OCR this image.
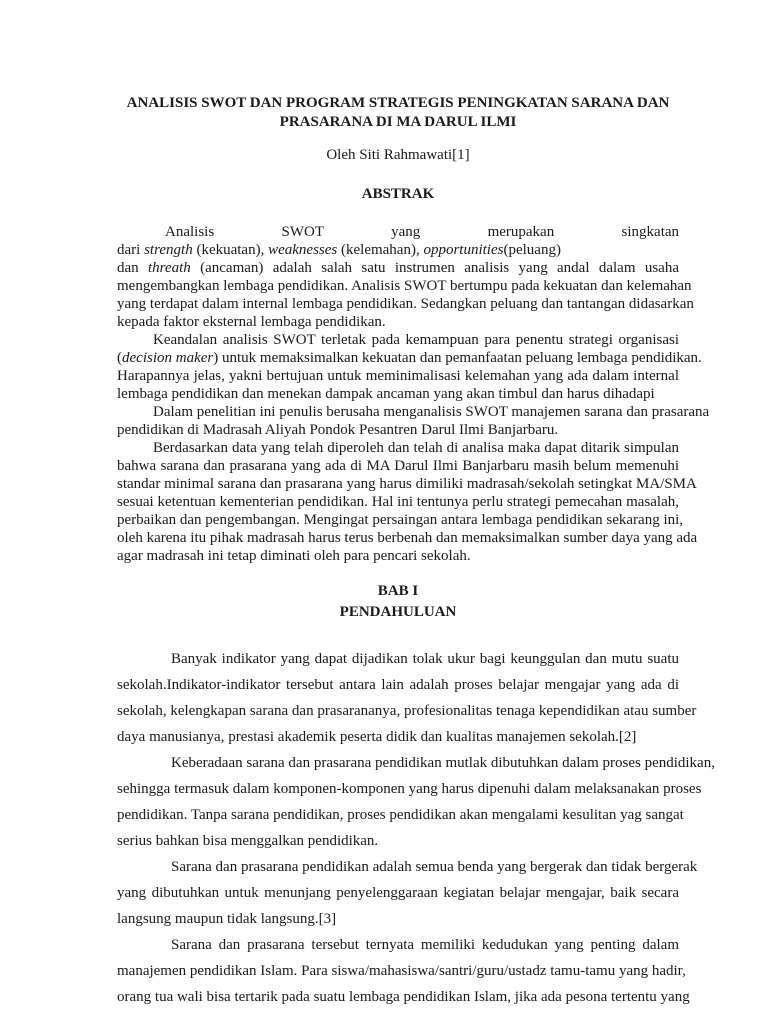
ANALISIS SWOT DAN PROGRAM STRATEGIS PENINGKATAN SARANA DAN
PRASARANA DI MA DARUL ILMI
Oleh Siti Rahmawati[1]
ABSTRAK
Analisis	SWOT	yang	merupakan	singkatan
dari strength (kekuatan), weaknesses (kelemahan), opportunities(peluang)
dan threath (ancaman) adalah salah satu instrumen analisis yang andal dalam usaha
mengembangkan lembaga pendidikan. Analisis SWOT bertumpu pada kekuatan dan kelemahan
yang terdapat dalam internal lembaga pendidikan. Sedangkan peluang dan tantangan didasarkan
kepada faktor eksternal lembaga pendidikan.
Keandalan analisis SWOT terletak pada kemampuan para penentu strategi organisasi
(decision maker) untuk memaksimalkan kekuatan dan pemanfaatan peluang lembaga pendidikan.
Harapannya jelas, yakni bertujuan untuk meminimalisasi kelemahan yang ada dalam internal
lembaga pendidikan dan menekan dampak ancaman yang akan timbul dan harus dihadapi
Dalam penelitian ini penulis berusaha menganalisis SWOT manajemen sarana dan prasarana
pendidikan di Madrasah Aliyah Pondok Pesantren Darul Ilmi Banjarbaru.
Berdasarkan data yang telah diperoleh dan telah di analisa maka dapat ditarik simpulan
bahwa sarana dan prasarana yang ada di MA Darul Ilmi Banjarbaru masih belum memenuhi
standar minimal sarana dan prasarana yang harus dimiliki madrasah/sekolah setingkat MA/SMA
sesuai ketentuan kementerian pendidikan. Hal ini tentunya perlu strategi pemecahan masalah,
perbaikan dan pengembangan. Mengingat persaingan antara lembaga pendidikan sekarang ini,
oleh karena itu pihak madrasah harus terus berbenah dan memaksimalkan sumber daya yang ada
agar madrasah ini tetap diminati oleh para pencari sekolah.
BAB I
PENDAHULUAN
Banyak indikator yang dapat dijadikan tolak ukur bagi keunggulan dan mutu suatu
sekolah.Indikator-indikator tersebut antara lain adalah proses belajar mengajar yang ada di
sekolah, kelengkapan sarana dan prasarananya, profesionalitas tenaga kependidikan atau sumber
daya manusianya, prestasi akademik peserta didik dan kualitas manajemen sekolah.[2]
Keberadaan sarana dan prasarana pendidikan mutlak dibutuhkan dalam proses pendidikan,
sehingga termasuk dalam komponen-komponen yang harus dipenuhi dalam melaksanakan proses
pendidikan. Tanpa sarana pendidikan, proses pendidikan akan mengalami kesulitan yag sangat
serius bahkan bisa menggalkan pendidikan.
Sarana dan prasarana pendidikan adalah semua benda yang bergerak dan tidak bergerak
yang dibutuhkan untuk menunjang penyelenggaraan kegiatan belajar mengajar, baik secara
langsung maupun tidak langsung.[3]
Sarana dan prasarana tersebut ternyata memiliki kedudukan yang penting dalam
manajemen pendidikan Islam. Para siswa/mahasiswa/santri/guru/ustadz tamu-tamu yang hadir,
orang tua wali bisa tertarik pada suatu lembaga pendidikan Islam, jika ada pesona tertentu yang
